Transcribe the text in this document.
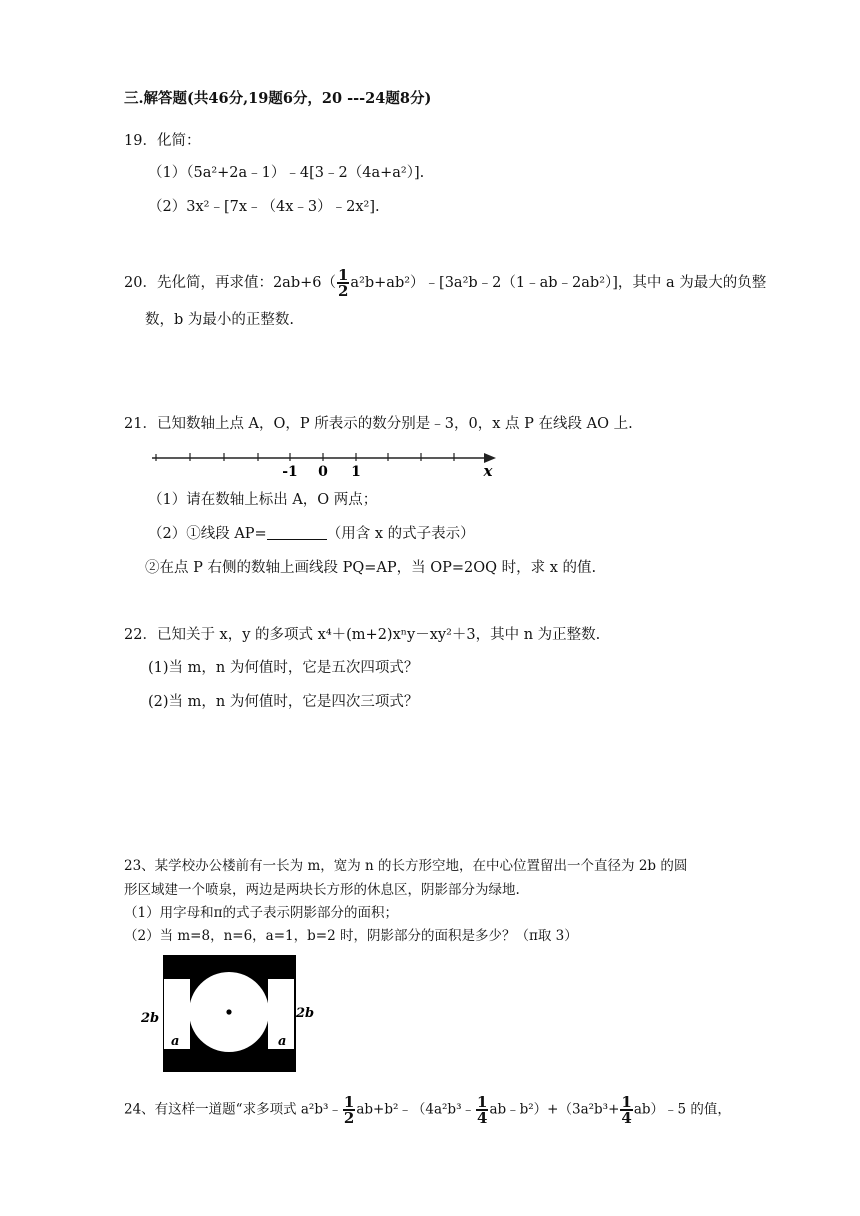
三.解答题(共46分,19题6分，20 ---24题8分)
19．化简：
（1）（5a²+2a﹣1）﹣4[3﹣2（4a+a²）].
（2）3x²﹣[7x﹣（4x﹣3）﹣2x²].
20．先化简，再求值：$2ab+6( \frac{1}{2}$ a²b+ab²）﹣[3a²b﹣2（1﹣ab﹣2ab²）]，其中 a 为最大的负整
数，b 为最小的正整数.
21．已知数轴上点 A，O，P 所表示的数分别是﹣3，0，x 点 P 在线段 AO 上.
-1 0 1	x
（1）请在数轴上标出 A，O 两点；
（2）①线段 AP=	（用含 x 的式子表示）
②在点 P 右侧的数轴上画线段 PQ=AP，当 OP=2OQ 时，求 x 的值.
22．已知关于 x，y 的多项式 x⁴＋(m+2)xⁿy－xy²＋3，其中 n 为正整数.
(1)当 m，n 为何值时，它是五次四项式？
(2)当 m，n 为何值时，它是四次三项式？
23、某学校办公楼前有一长为 m，宽为 n 的长方形空地，在中心位置留出一个直径为 2b 的圆
形区域建一个喷泉，两边是两块长方形的休息区，阴影部分为绿地.
（1）用字母和π的式子表示阴影部分的面积；
（2）当 m=8，n=6，a=1，b=2 时，阴影部分的面积是多少？（π取 3）
2b	2b
a	a
24、有这样一道题“求多项式 a²b³﹣ $\frac{1}{2}$ ab+b²﹣（4a²b³﹣ $\frac{1}{4}$ ab﹣b²）+（3a²b³+ $\frac{1}{4}$ ab）﹣5 的值，
